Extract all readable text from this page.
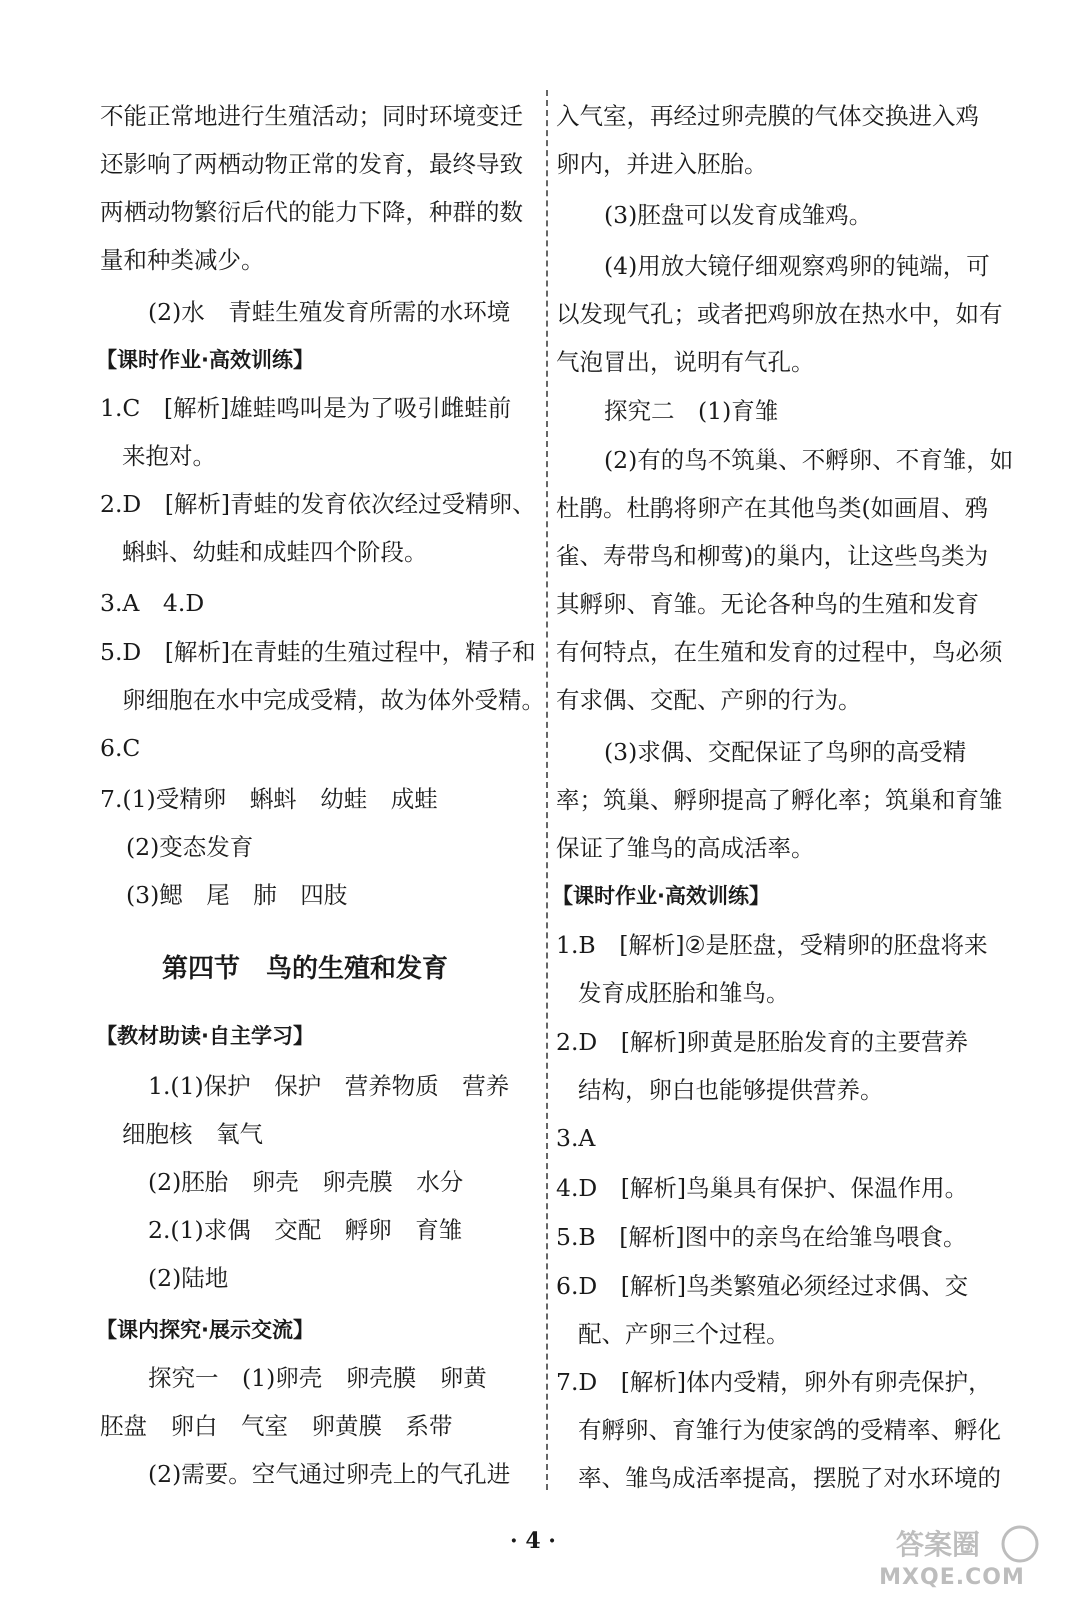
不能正常地进行生殖活动；同时环境变迁
还影响了两栖动物正常的发育，最终导致
两栖动物繁衍后代的能力下降，种群的数
量和种类减少。
(2)水　青蛙生殖发育所需的水环境
【课时作业·高效训练】
1.C　[解析]雄蛙鸣叫是为了吸引雌蛙前
来抱对。
2.D　[解析]青蛙的发育依次经过受精卵、
蝌蚪、幼蛙和成蛙四个阶段。
3.A　4.D
5.D　[解析]在青蛙的生殖过程中，精子和
卵细胞在水中完成受精，故为体外受精。
6.C
7.(1)受精卵　蝌蚪　幼蛙　成蛙
(2)变态发育
(3)鳃　尾　肺　四肢
第四节　鸟的生殖和发育
【教材助读·自主学习】
1.(1)保护　保护　营养物质　营养
细胞核　氧气
(2)胚胎　卵壳　卵壳膜　水分
2.(1)求偶　交配　孵卵　育雏
(2)陆地
【课内探究·展示交流】
探究一　(1)卵壳　卵壳膜　卵黄
胚盘　卵白　气室　卵黄膜　系带
(2)需要。空气通过卵壳上的气孔进
入气室，再经过卵壳膜的气体交换进入鸡
卵内，并进入胚胎。
(3)胚盘可以发育成雏鸡。
(4)用放大镜仔细观察鸡卵的钝端，可
以发现气孔；或者把鸡卵放在热水中，如有
气泡冒出，说明有气孔。
探究二　(1)育雏
(2)有的鸟不筑巢、不孵卵、不育雏，如
杜鹃。杜鹃将卵产在其他鸟类(如画眉、鸦
雀、寿带鸟和柳莺)的巢内，让这些鸟类为
其孵卵、育雏。无论各种鸟的生殖和发育
有何特点，在生殖和发育的过程中，鸟必须
有求偶、交配、产卵的行为。
(3)求偶、交配保证了鸟卵的高受精
率；筑巢、孵卵提高了孵化率；筑巢和育雏
保证了雏鸟的高成活率。
【课时作业·高效训练】
1.B　[解析]②是胚盘，受精卵的胚盘将来
发育成胚胎和雏鸟。
2.D　[解析]卵黄是胚胎发育的主要营养
结构，卵白也能够提供营养。
3.A
4.D　[解析]鸟巢具有保护、保温作用。
5.B　[解析]图中的亲鸟在给雏鸟喂食。
6.D　[解析]鸟类繁殖必须经过求偶、交
配、产卵三个过程。
7.D　[解析]体内受精，卵外有卵壳保护，
有孵卵、育雏行为使家鸽的受精率、孵化
率、雏鸟成活率提高，摆脱了对水环境的
· 4 ·	答案圈
MXQE.COM
